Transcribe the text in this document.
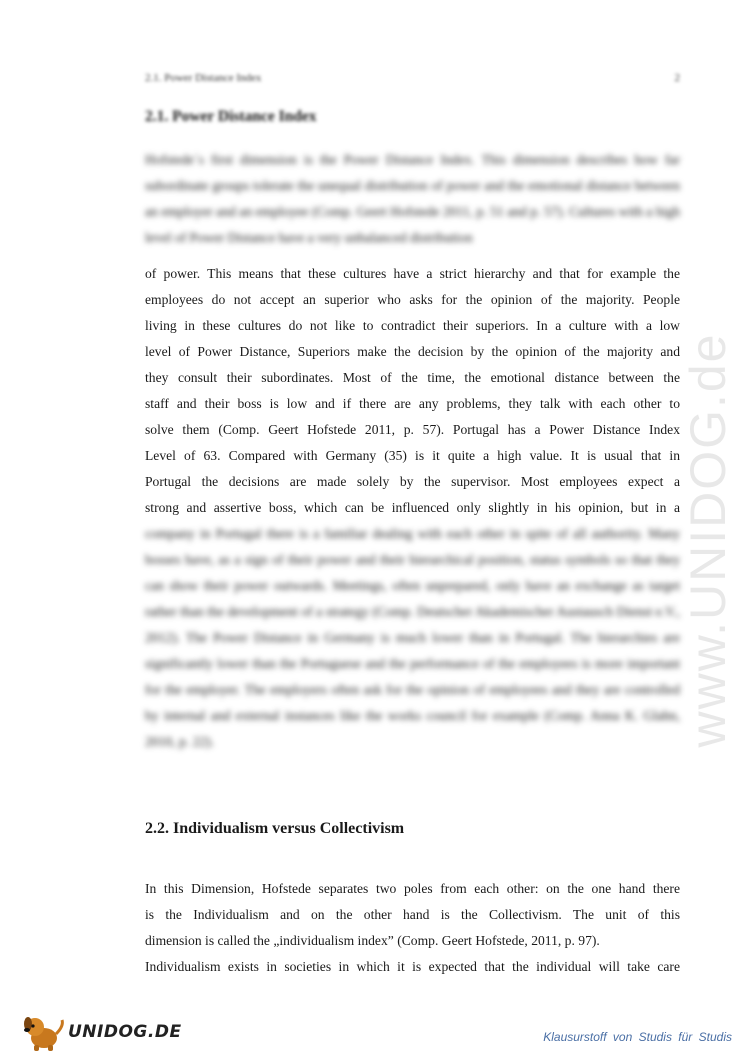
www.UNIDOG.de
2.1. Power Distance Index	2
2.1. Power Distance Index
Hofstede´s first dimension is the Power Distance Index. This dimension describes how far subordinate groups tolerate the unequal distribution of power and the emotional distance between an employer and an employee (Comp. Geert Hofstede 2011, p. 51 and p. 57). Cultures with a high level of Power Distance have a very unbalanced distribution
of power. This means that these cultures have a strict hierarchy and that for example the
employees do not accept an superior who asks for the opinion of the majority. People
living in these cultures do not like to contradict their superiors. In a culture with a low
level of Power Distance, Superiors make the decision by the opinion of the majority and
they consult their subordinates. Most of the time, the emotional distance between the
staff and their boss is low and if there are any problems, they talk with each other to
solve them (Comp. Geert Hofstede 2011, p. 57). Portugal has a Power Distance Index
Level of 63. Compared with Germany (35) is it quite a high value. It is usual that in
Portugal the decisions are made solely by the supervisor. Most employees expect a
strong and assertive boss, which can be influenced only slightly in his opinion, but in a
company in Portugal there is a familiar dealing with each other in spite of all authority. Many bosses have, as a sign of their power and their hierarchical position, status symbols so that they can show their power outwards. Meetings, often unprepared, only have an exchange as target rather than the development of a strategy (Comp. Deutscher Akademischer Austausch Dienst e.V., 2012). The Power Distance in Germany is much lower than in Portugal. The hierarchies are significantly lower than the Portuguese and the performance of the employees is more important for the employer. The employers often ask for the opinion of employees and they are controlled by internal and external instances like the works council for example (Comp. Anna K. Glahn, 2010, p. 22).
2.2. Individualism versus Collectivism
In this Dimension, Hofstede separates two poles from each other: on the one hand there
is the Individualism and on the other hand is the Collectivism. The unit of this
dimension is called the „individualism index” (Comp. Geert Hofstede, 2011, p. 97).
Individualism exists in societies in which it is expected that the individual will take care
UNIDOG.DE	Klausurstoff von Studis für Studis
